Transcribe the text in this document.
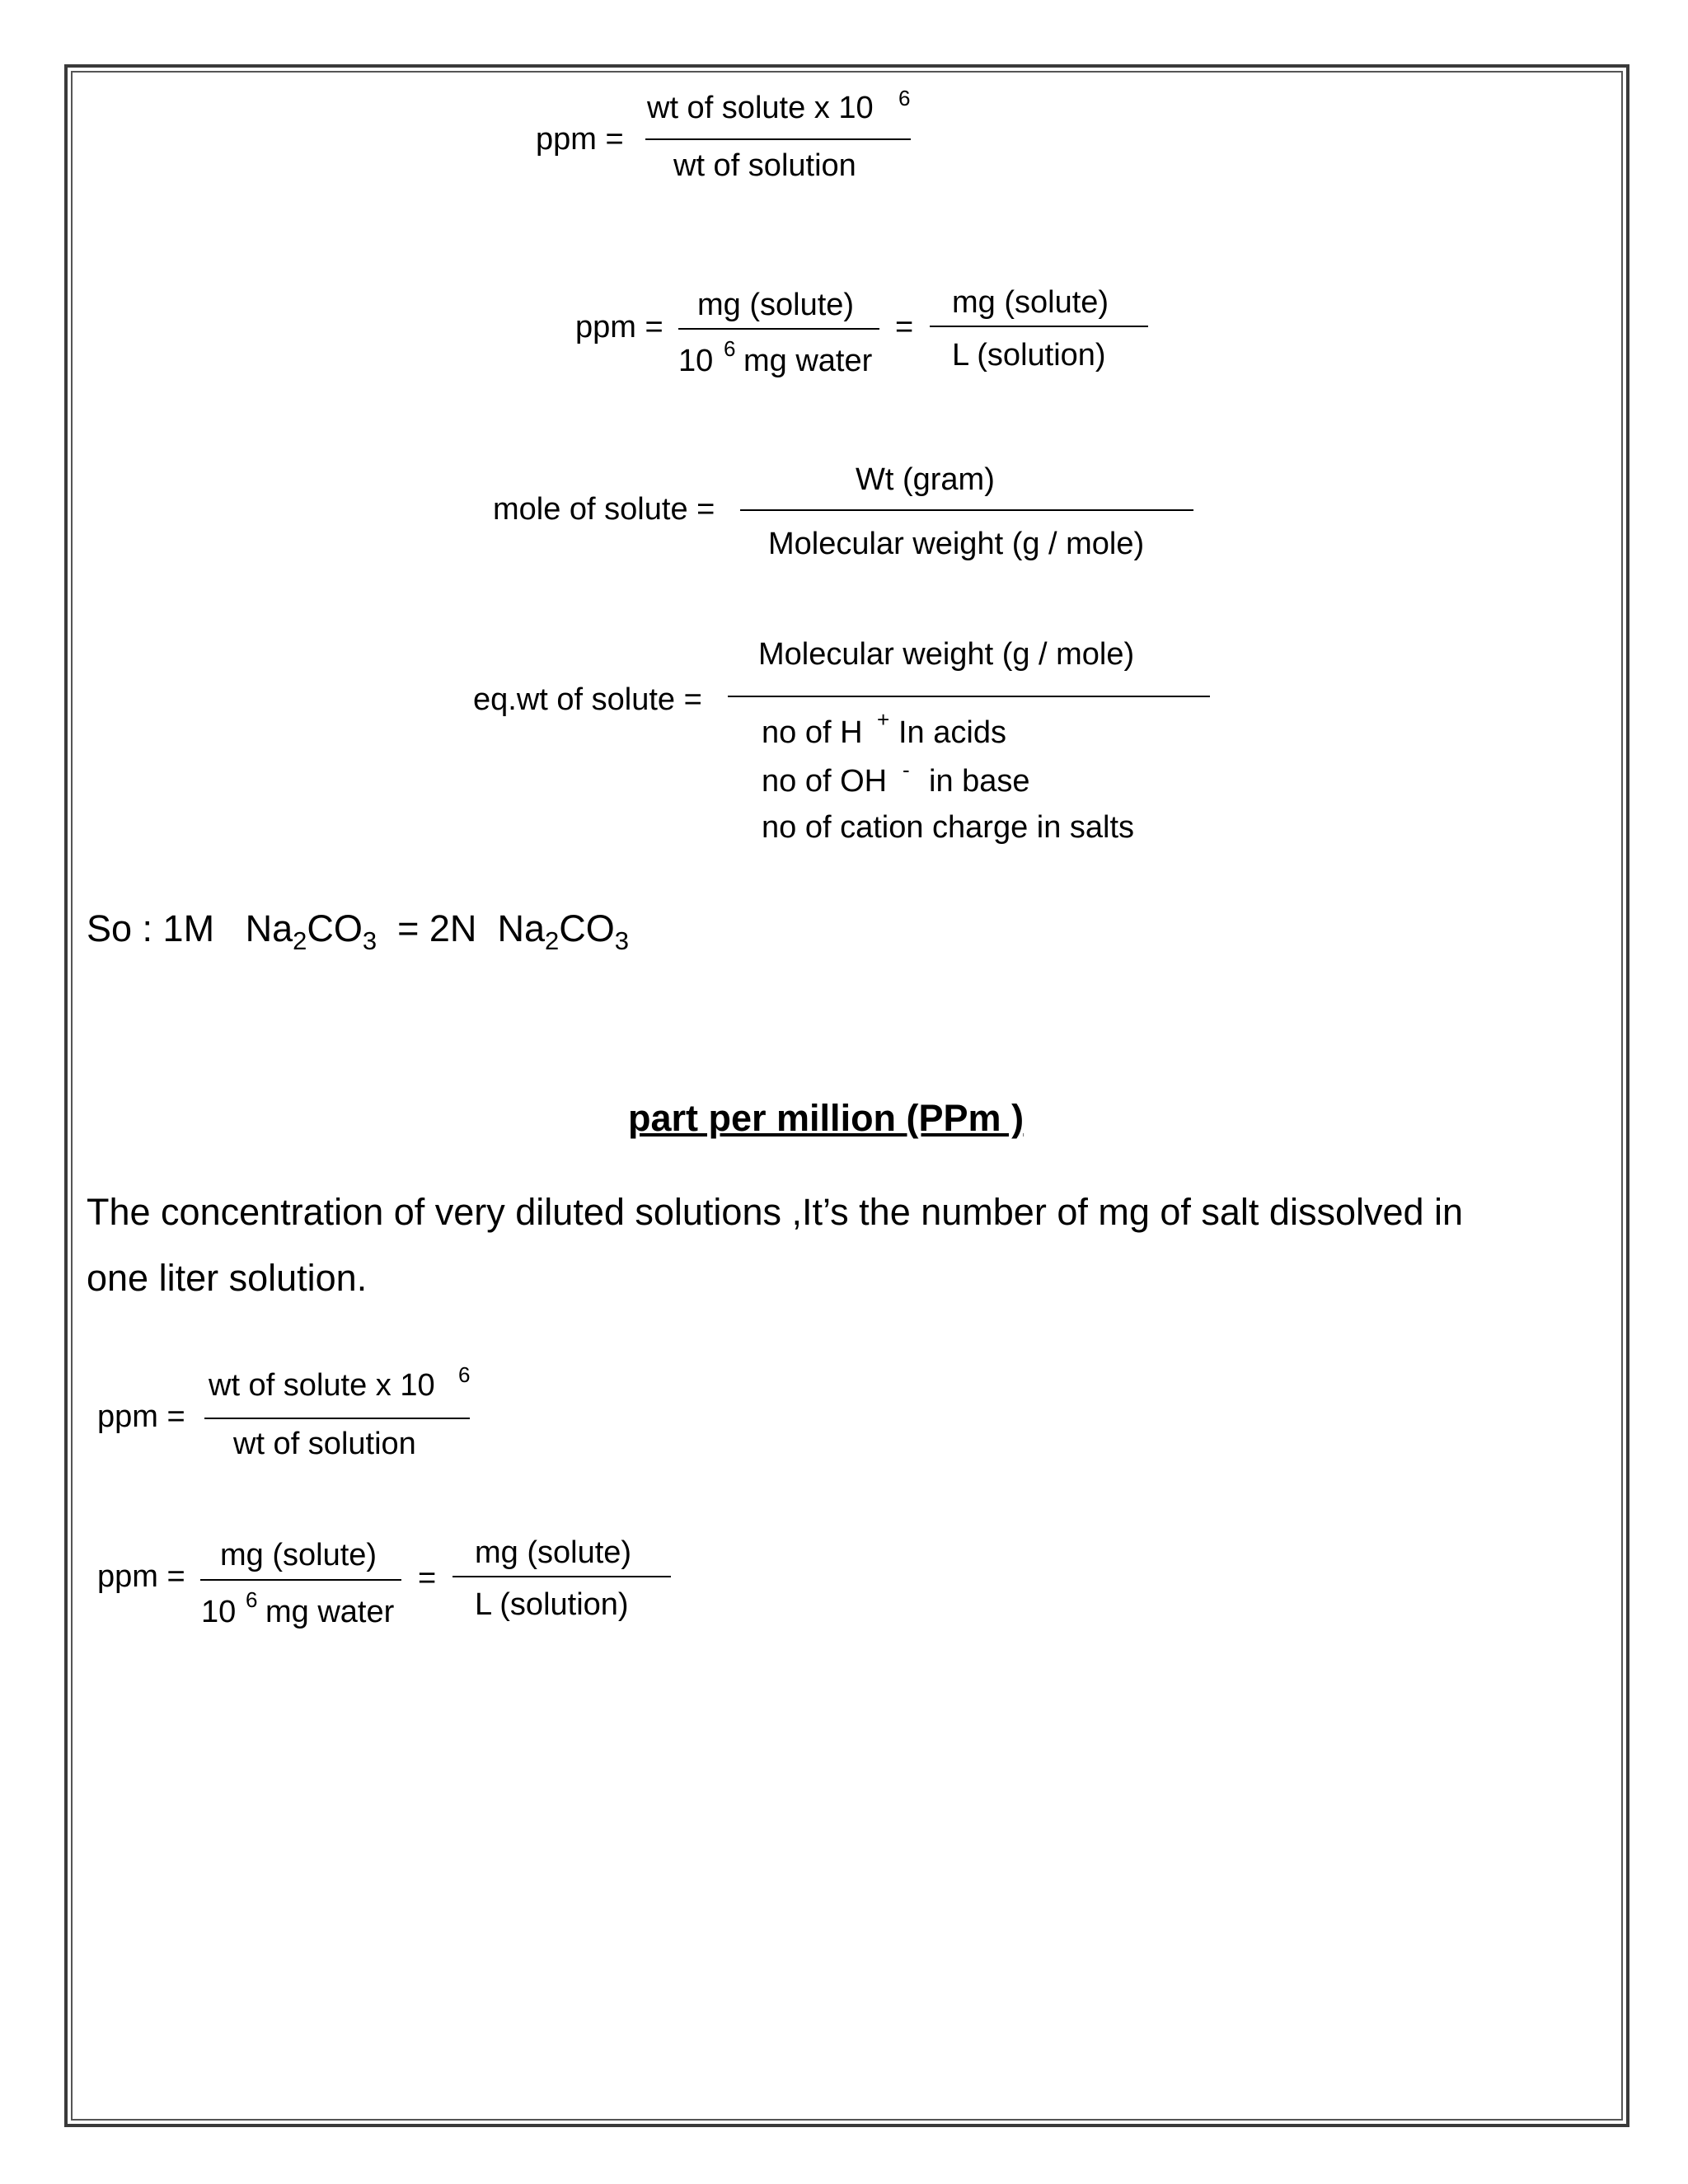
ppm =
wt of solute x 10 6
wt of solution
ppm =
mg (solute)
10 6 mg water
=
mg (solute)
L (solution)
mole of solute =
Wt (gram)
Molecular weight (g / mole)
eq.wt of solute =
Molecular weight (g / mole)
no of H + In acids
no of OH - in base
no of cation charge in salts
So : 1M $Na_2CO_3 = 2N$ $Na_2CO_3$
part per million (PPm )
The concentration of very diluted solutions ,It’s the number of mg of salt dissolved in
one liter solution.
ppm =
wt of solute x 10 6
wt of solution
ppm =
mg (solute)
10 6 mg water
=
mg (solute)
L (solution)
